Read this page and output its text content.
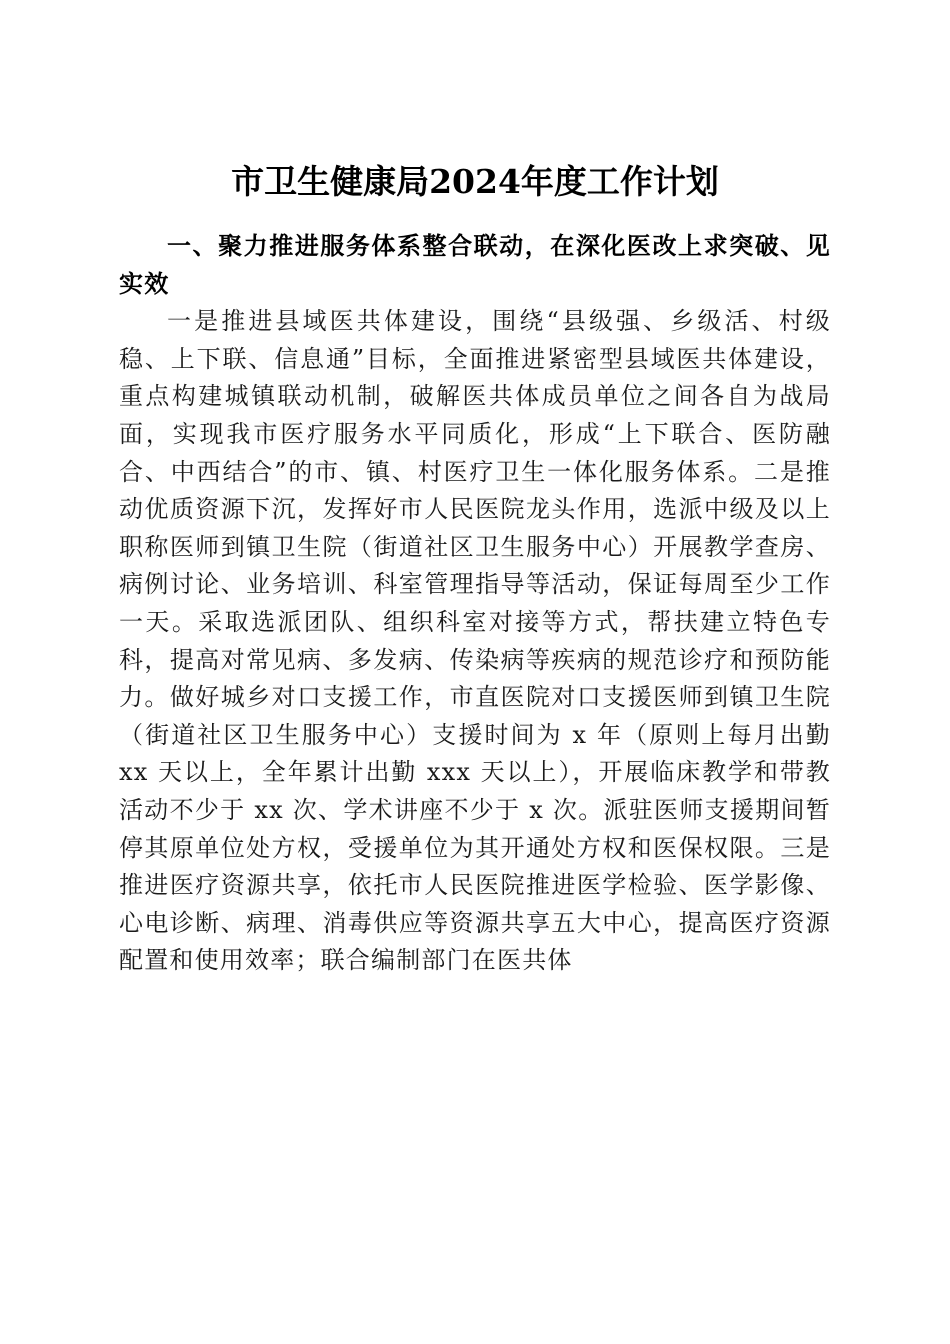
市卫生健康局2024年度工作计划

一、聚力推进服务体系整合联动，在深化医改上求突破、见实效

一是推进县域医共体建设，围绕“县级强、乡级活、村级稳、上下联、信息通”目标，全面推进紧密型县域医共体建设，重点构建城镇联动机制，破解医共体成员单位之间各自为战局面，实现我市医疗服务水平同质化，形成“上下联合、医防融合、中西结合”的市、镇、村医疗卫生一体化服务体系。二是推动优质资源下沉，发挥好市人民医院龙头作用，选派中级及以上职称医师到镇卫生院（街道社区卫生服务中心）开展教学查房、病例讨论、业务培训、科室管理指导等活动，保证每周至少工作一天。采取选派团队、组织科室对接等方式，帮扶建立特色专科，提高对常见病、多发病、传染病等疾病的规范诊疗和预防能力。做好城乡对口支援工作，市直医院对口支援医师到镇卫生院（街道社区卫生服务中心）支援时间为 x 年（原则上每月出勤 xx 天以上，全年累计出勤 xxx 天以上），开展临床教学和带教活动不少于 xx 次、学术讲座不少于 x 次。派驻医师支援期间暂停其原单位处方权，受援单位为其开通处方权和医保权限。三是推进医疗资源共享，依托市人民医院推进医学检验、医学影像、心电诊断、病理、消毒供应等资源共享五大中心，提高医疗资源配置和使用效率；联合编制部门在医共体
